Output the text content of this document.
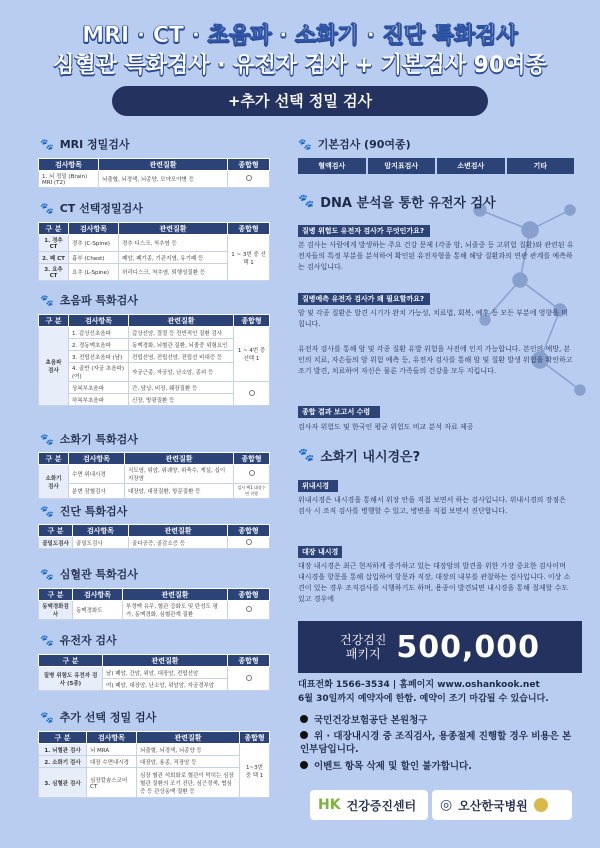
MRI · CT · 초음파 · 소화기 · 진단 특화검사
심혈관 특화검사 · 유전자 검사 + 기본검사 90여종
+추가 선택 정밀 검사
🐾 MRI 정밀검사
검사항목	관련질환	종합형
1. 뇌 정밀 (Brain) MRI (T2)	뇌출혈, 뇌경색, 뇌종양, 모야모야병 등	
🐾 CT 선택정밀검사
구 분	검사항목	관련질환	종합형
1. 경추 CT	경추 (C-Spine)	경추 디스크, 척추염 등	1 ~ 3번 중 선택 1
2. 폐 CT	흉부 (Chest)	폐암, 폐기종, 기관지염, 유기폐 등	
3. 요추 CT	요추 (L-Spine)	허리디스크, 척추염, 퇴행성질환 등	
🐾 초음파 특화검사
구 분	검사항목	관련질환	종합형
초음파 검사	1. 갑상선초음파	갑상선암, 결절 등 전반적인 질환 검사	1 ~ 4번 중 선택 1
	2. 경동맥초음파	동맥경화, 뇌혈관 질환, 뇌졸중 위험요인	
	3. 전립선초음파 (남)	전립선염, 전립선암, 전립선 비대증 등	
	4. 골반 (자궁 초음파) (여)	자궁근종, 자궁암, 난소암, 종괴 등	
	상복부초음파	간, 담낭, 비장, 췌장질환 등	
	하복부초음파	신장, 방광질환 등	
🐾 소화기 특화검사
구 분	검사항목	관련질환	종합형
소화기 검사	수면 위내시경	식도염, 위암, 위궤양, 위축수, 게실, 십이지장염	
	분변 잠혈검사	대장암, 대장질환, 항문질환 등	검사 택1 대장수면 진행
🐾 진단 특화검사
구 분	검사항목	관련질환	종합형
골밀도검사	골밀도검사	골다공증, 골감소증 등	
🐾 심혈관 특화검사
구 분	검사항목	관련질환	종합형
동맥경화검사	동맥경화도	부정맥 유무, 혈관 강화도 및 탄성도 평가, 동맥경화, 심혈관계 질환	
🐾 유전자 검사
구 분	관련질환	종합형
질병 위험도 유전자 검사 (5종)	남) 폐암, 간암, 위암, 대장암, 전립선암	
	여) 폐암, 대장암, 난소암, 위암암, 자궁경부암	
🐾 추가 선택 정밀 검사
구 분	검사항목	관련질환	종합형
1. 뇌혈관 검사	뇌 MRA	뇌출혈, 뇌경색, 뇌종양 등	1~3번 중 택 1
2. 소화기 검사	대장 수면내시경	대장암, 용종, 직장암 등	
3. 심혈관 검사	심장칼슘스코어 CT	심장 혈관 석회화로 혈관이 막히는 심장 혈관 질환의 조기 진단, 심근경색, 협심증 등 관상동맥 질환 등	
🐾 기본검사 (90여종)
혈액검사	암지표검사	소변검사	기타
🐾 DNA 분석을 통한 유전자 검사
질병 위험도 유전자 검사가 무엇인가요?
본 검사는 사람에게 발생하는 주요 건강 문제 (각종 암, 뇌졸중 등 고위험 질환)와 관련된 유전자들의 특정 부분을 분석하여 확인된 유전자형을 통해 해당 질환과의 연관 관계를 예측하는 검사입니다.
질병예측 유전자 검사가 왜 필요할까요?
암 및 각종 질환은 발견 시기가 완치 가능성, 치료법, 회복, 예후 등 모든 부분에 영향을 미칩니다.
유전자 검사를 통해 암 및 각종 질환 유발 위험을 사전에 인지 가능합니다. 본인의 예방, 본인의 치료, 자손들의 암 위험 예측 등, 유전자 검사를 통해 암 및 질환 발생 위험을 확인하고 조기 발견, 치료하여 자신은 물론 가족들의 건강을 모두 지킵니다.
종합 결과 보고서 수령
검사자 위험도 및 한국인 평균 위험도 비교 분석 자료 제공
🐾 소화기 내시경은?
위내시경
위내시경은 내시경을 통해서 위장 안을 직접 보면서 하는 검사입니다. 위내시경의 장점은 검사 시 조직 검사를 병행할 수 있고, 병변을 직접 보면서 진단합니다.
대장 내시경
대장 내시경은 최근 현저하게 증가하고 있는 대장암의 발견을 위한 가장 중요한 검사이며 내시경을 항문을 통해 삽입하여 항문과 직장, 대장의 내부를 관찰하는 검사입니다. 이상 소견이 있는 경우 조직검사를 시행하기도 하며, 용종이 발견되면 내시경을 통해 절제할 수도 있고 경우에
건강검진
패키지 500,000
대표전화 1566-3534 | 홈페이지 www.oshankook.net
6월 30일까지 예약자에 한함. 예약이 조기 마감될 수 있습니다.
국민건강보험공단 본원청구
위 · 대장내시경 중 조직검사, 용종절제 진행할 경우 비용은 본인부담입니다.
이벤트 항목 삭제 및 할인 불가합니다.
HK 건강증진센터 ◎ 오산한국병원
